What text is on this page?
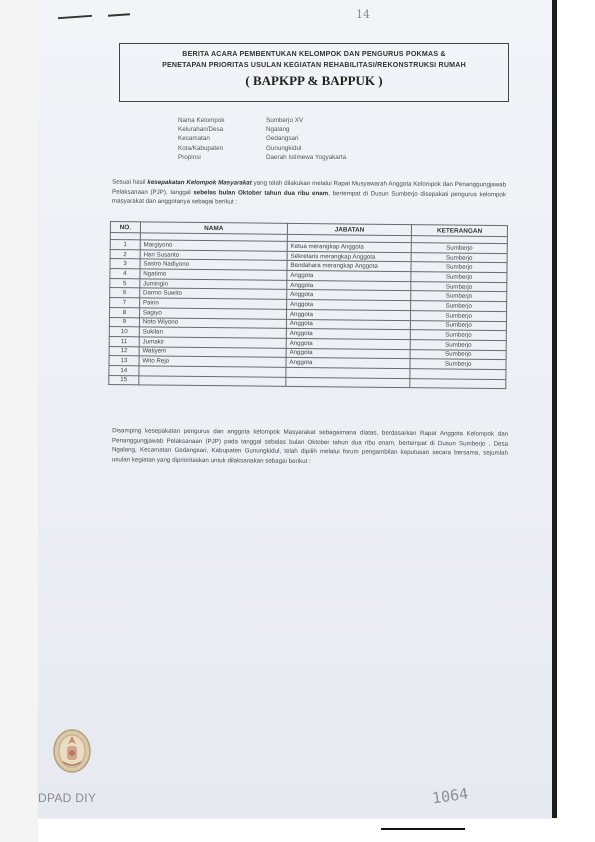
14
BERITA ACARA PEMBENTUKAN KELOMPOK DAN PENGURUS POKMAS &
PENETAPAN PRIORITAS USULAN KEGIATAN REHABILITASI/REKONSTRUKSI RUMAH
( BAPKPP & BAPPUK )
Nama Kelompok	Sumberjo XV
Kelurahan/Desa	Ngalang
Kecamatan	Gedangsari
Kota/Kabupaten	Gunungkidul
Propinsi	Daerah Istimewa Yogyakarta
Sesuai hasil kesepakatan Kelompok Masyarakat yang telah dilakukan melalui Rapat Musyawarah Anggota Kelompok dan Penanggungjawab Pelaksanaan (PJP), tanggal sebelas bulan Oktober tahun dua ribu enam, bertempat di Dusun Sumberjo disepakati pengurus kelompok masyarakat dan anggotanya sebagai berikut :
NO.	NAMA	JABATAN	KETERANGAN

1	Margiyono	Ketua merangkap Anggota	Sumberjo
2	Hari Susanto	Sekretaris merangkap Anggota	Sumberjo
3	Sastro Nadiyono	Bendahara merangkap Anggota	Sumberjo
4	Ngatimo	Anggota	Sumberjo
5	Jumingin	Anggota	Sumberjo
6	Darmo Suwito	Anggota	Sumberjo
7	Pairin	Anggota	Sumberjo
8	Sagiyo	Anggota	Sumberjo
9	Noto Wiyono	Anggota	Sumberjo
10	Sukilan	Anggota	Sumberjo
11	Jumakir	Anggota	Sumberjo
12	Watiyem	Anggota	Sumberjo
13	Wito Rejo	Anggota	Sumberjo
14			
15			
Disamping kesepakatan pengurus dan anggota kelompok Masyarakat sebagaimana diatas, berdasarkan Rapat Anggota Kelompok dan Penanggungjawab Pelaksanaan (PJP) pada tanggal sebelas bulan Oktober tahun dua ribu enam, bertempat di Dusun Sumberjo , Desa Ngalang, Kecamatan Gedangsari, Kabupaten Gunungkidul, telah dipilih melalui forum pengambilan keputusan secara bersama, sejumlah usulan kegiatan yang diprioritaskan untuk dilaksanakan sebagai berikut :
DPAD DIY	1064
